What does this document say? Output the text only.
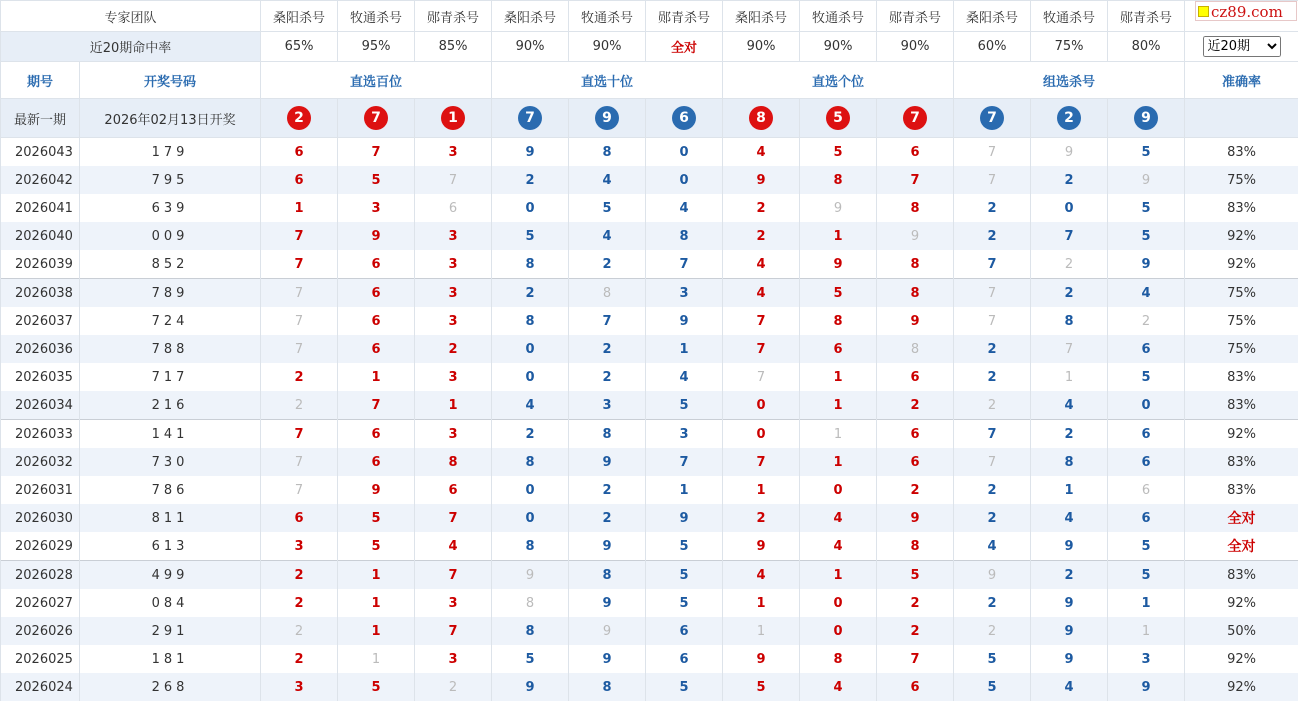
专家团队		桑阳杀号	牧通杀号	郧青杀号	桑阳杀号	牧通杀号	郧青杀号	桑阳杀号	牧通杀号	郧青杀号	桑阳杀号	牧通杀号	郧青杀号	
近20期命中率		65%	95%	85%	90%	90%	全对	90%	90%	90%	60%	75%	80%	
近20期
期号	开奖号码	直选百位			直选十位			直选个位			组选杀号			准确率
最新一期	2026年02月13日开奖	2	7	1	7	9	6	8	5	7	7	2	9	
2026043	179	6	7	3	9	8	0	4	5	6	7	9	5	83%
2026042	795	6	5	7	2	4	0	9	8	7	7	2	9	75%
2026041	639	1	3	6	0	5	4	2	9	8	2	0	5	83%
2026040	009	7	9	3	5	4	8	2	1	9	2	7	5	92%
2026039	852	7	6	3	8	2	7	4	9	8	7	2	9	92%
2026038	789	7	6	3	2	8	3	4	5	8	7	2	4	75%
2026037	724	7	6	3	8	7	9	7	8	9	7	8	2	75%
2026036	788	7	6	2	0	2	1	7	6	8	2	7	6	75%
2026035	717	2	1	3	0	2	4	7	1	6	2	1	5	83%
2026034	216	2	7	1	4	3	5	0	1	2	2	4	0	83%
2026033	141	7	6	3	2	8	3	0	1	6	7	2	6	92%
2026032	730	7	6	8	8	9	7	7	1	6	7	8	6	83%
2026031	786	7	9	6	0	2	1	1	0	2	2	1	6	83%
2026030	811	6	5	7	0	2	9	2	4	9	2	4	6	全对
2026029	613	3	5	4	8	9	5	9	4	8	4	9	5	全对
2026028	499	2	1	7	9	8	5	4	1	5	9	2	5	83%
2026027	084	2	1	3	8	9	5	1	0	2	2	9	1	92%
2026026	291	2	1	7	8	9	6	1	0	2	2	9	1	50%
2026025	181	2	1	3	5	9	6	9	8	7	5	9	3	92%
2026024	268	3	5	2	9	8	5	5	4	6	5	4	9	92%
cz89.com
